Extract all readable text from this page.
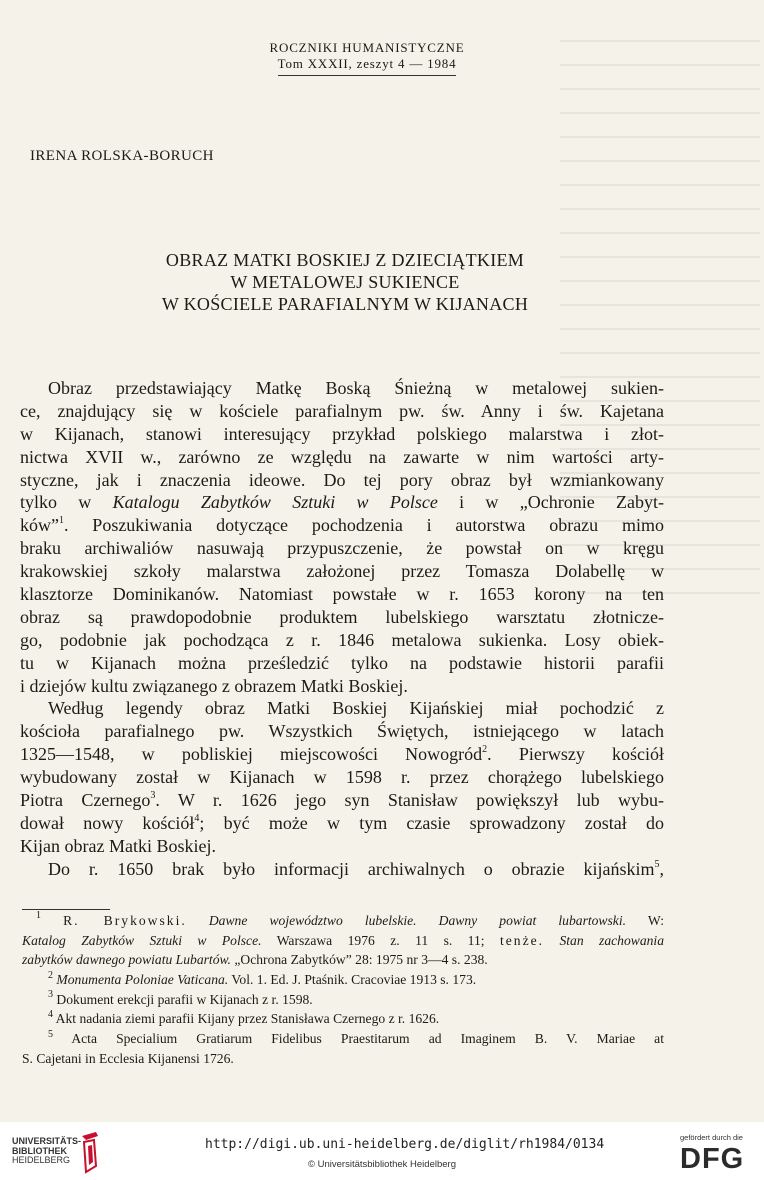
ROCZNIKI HUMANISTYCZNE
Tom XXXII, zeszyt 4 — 1984
IRENA ROLSKA-BORUCH
OBRAZ MATKI BOSKIEJ Z DZIECIĄTKIEM
W METALOWEJ SUKIENCE
W KOŚCIELE PARAFIALNYM W KIJANACH
Obraz przedstawiający Matkę Boską Śnieżną w metalowej sukien-
ce, znajdujący się w kościele parafialnym pw. św. Anny i św. Kajetana
w Kijanach, stanowi interesujący przykład polskiego malarstwa i złot-
nictwa XVII w., zarówno ze względu na zawarte w nim wartości arty-
styczne, jak i znaczenia ideowe. Do tej pory obraz był wzmiankowany
tylko w Katalogu Zabytków Sztuki w Polsce i w „Ochronie Zabyt-
ków”$^1$. Poszukiwania dotyczące pochodzenia i autorstwa obrazu mimo
braku archiwaliów nasuwają przypuszczenie, że powstał on w kręgu
krakowskiej szkoły malarstwa założonej przez Tomasza Dolabellę w
klasztorze Dominikanów. Natomiast powstałe w r. 1653 korony na ten
obraz są prawdopodobnie produktem lubelskiego warsztatu złotnicze-
go, podobnie jak pochodząca z r. 1846 metalowa sukienka. Losy obiek-
tu w Kijanach można prześledzić tylko na podstawie historii parafii
i dziejów kultu związanego z obrazem Matki Boskiej.
Według legendy obraz Matki Boskiej Kijańskiej miał pochodzić z
kościoła parafialnego pw. Wszystkich Świętych, istniejącego w latach
1325—1548, w pobliskiej miejscowości Nowogród$^2$. Pierwszy kościół
wybudowany został w Kijanach w 1598 r. przez chorążego lubelskiego
Piotra Czernego$^3$. W r. 1626 jego syn Stanisław powiększył lub wybu-
dował nowy kościół$^4$; być może w tym czasie sprowadzony został do
Kijan obraz Matki Boskiej.
Do r. 1650 brak było informacji archiwalnych o obrazie kijańskim$^5$,
$^1$ R. Brykowski. Dawne województwo lubelskie. Dawny powiat lubartowski. W:
Katalog Zabytków Sztuki w Polsce. Warszawa 1976 z. 11 s. 11; tenże. Stan zachowania
zabytków dawnego powiatu Lubartów. „Ochrona Zabytków” 28: 1975 nr 3—4 s. 238.
$^2$ Monumenta Poloniae Vaticana. Vol. 1. Ed. J. Ptaśnik. Cracoviae 1913 s. 173.
$^3$ Dokument erekcji parafii w Kijanach z r. 1598.
$^4$ Akt nadania ziemi parafii Kijany przez Stanisława Czernego z r. 1626.
$^5$ Acta Specialium Gratiarum Fidelibus Praestitarum ad Imaginem B. V. Mariae at
S. Cajetani in Ecclesia Kijanensi 1726.
UNIVERSITÄTS-
BIBLIOTHEK
HEIDELBERG
http://digi.ub.uni-heidelberg.de/diglit/rh1984/0134
© Universitätsbibliothek Heidelberg
gefördert durch die
DFG
